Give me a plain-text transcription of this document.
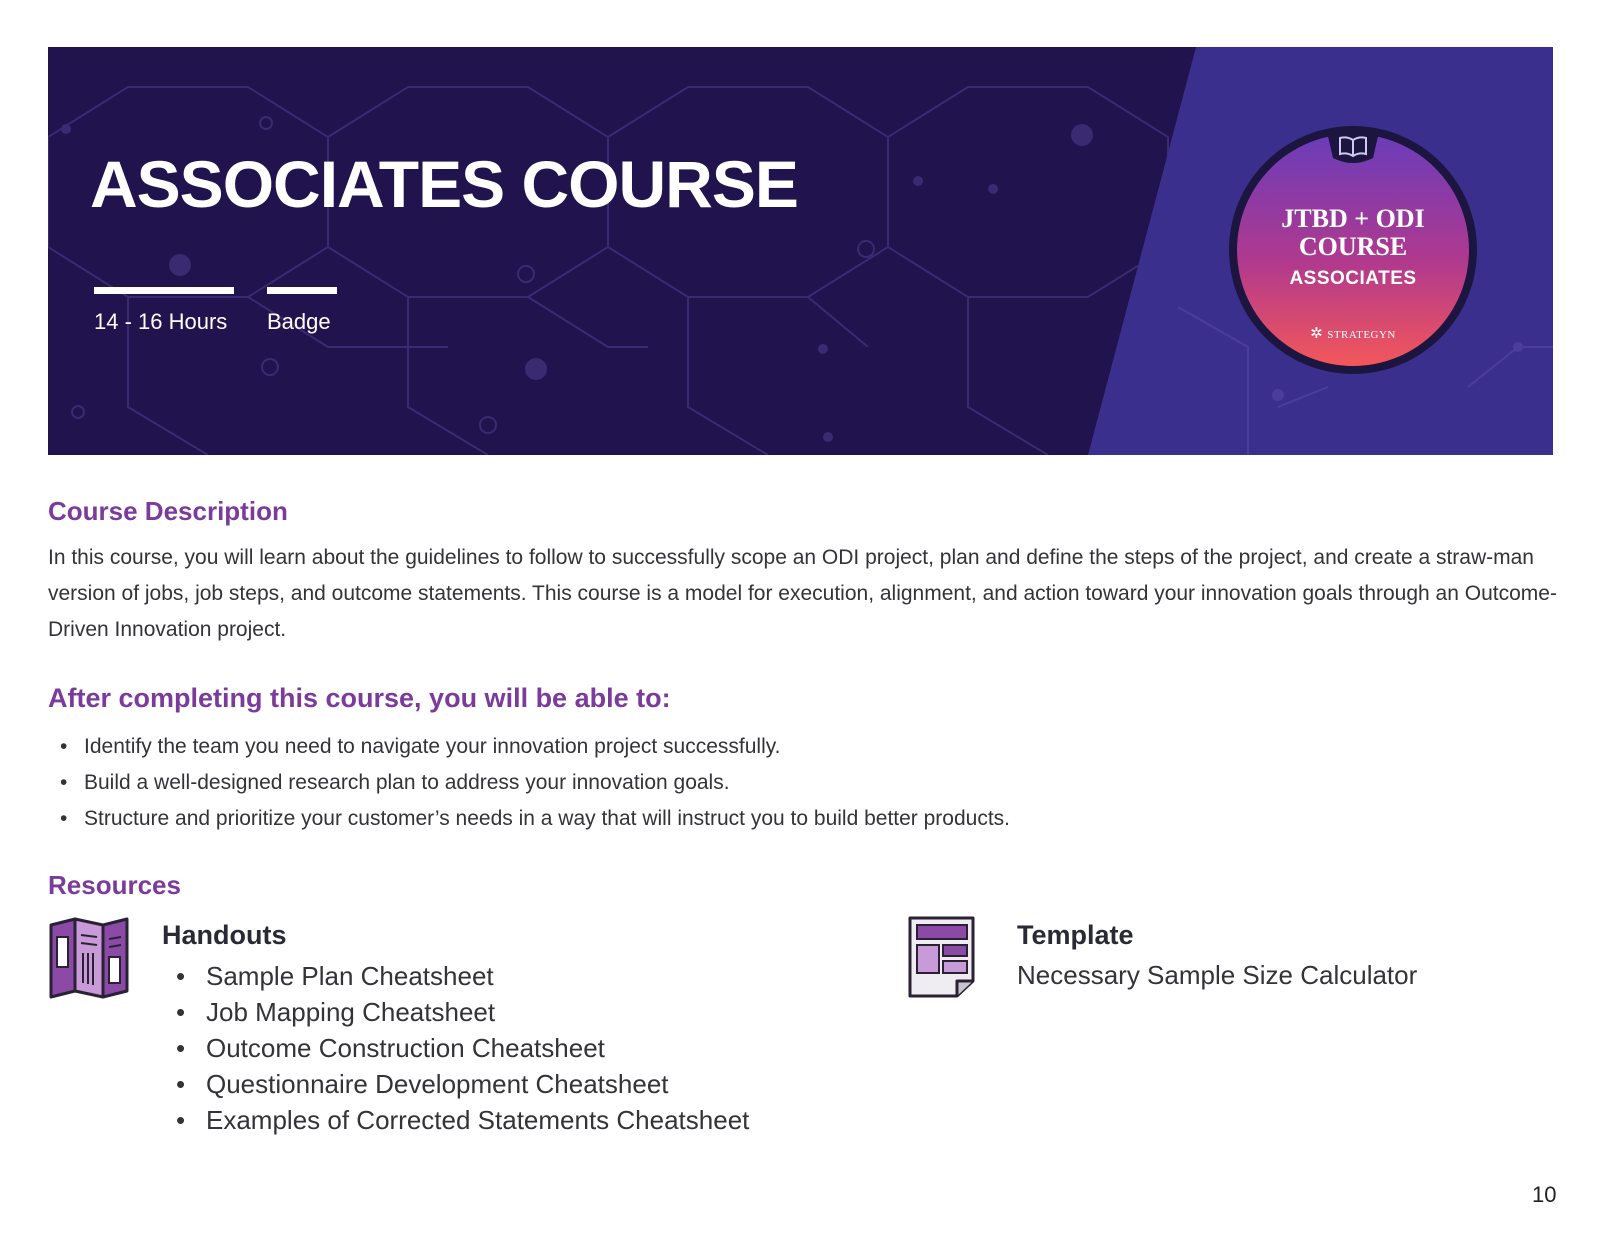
ASSOCIATES COURSE
14 - 16 Hours	Badge
JTBD + ODI
COURSE
ASSOCIATES
✲ STRATEGYN
Course Description

In this course, you will learn about the guidelines to follow to successfully scope an ODI project, plan and define the steps of the project, and create a straw-man version of jobs, job steps, and outcome statements. This course is a model for execution, alignment, and action toward your innovation goals through an Outcome-Driven Innovation project.

After completing this course, you will be able to:
• Identify the team you need to navigate your innovation project successfully.
• Build a well-designed research plan to address your innovation goals.
• Structure and prioritize your customer’s needs in a way that will instruct you to build better products.
Resources
Handouts
• Sample Plan Cheatsheet
• Job Mapping Cheatsheet
• Outcome Construction Cheatsheet
• Questionnaire Development Cheatsheet
• Examples of Corrected Statements Cheatsheet
Template
Necessary Sample Size Calculator
10
